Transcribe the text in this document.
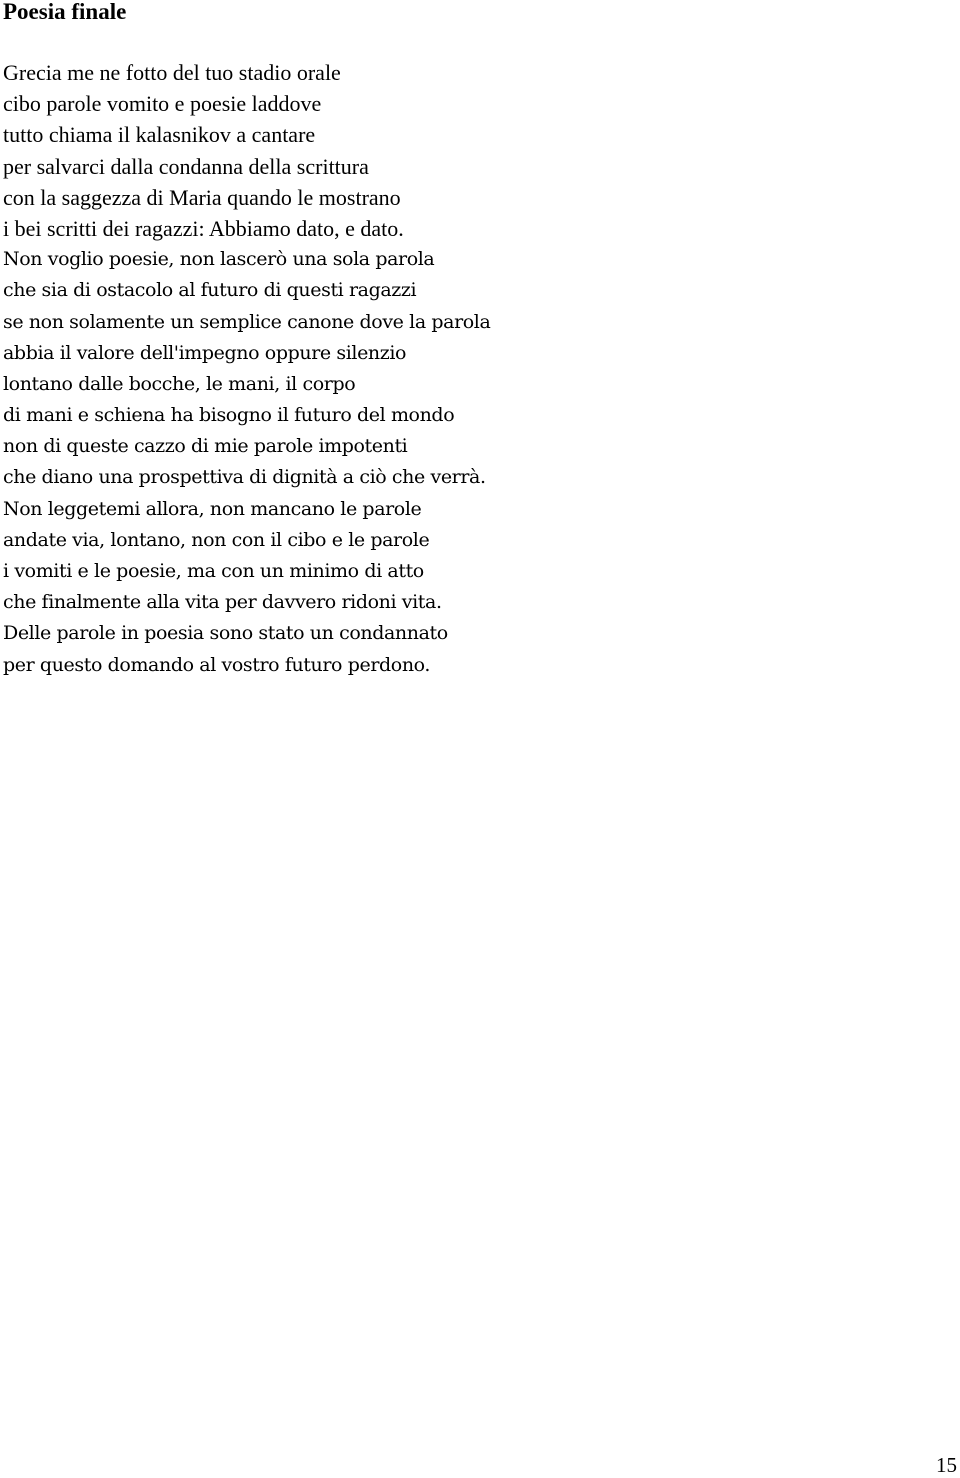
Poesia finale
Grecia me ne fotto del tuo stadio orale
cibo parole vomito e poesie laddove
tutto chiama il kalasnikov a cantare
per salvarci dalla condanna della scrittura
con la saggezza di Maria quando le mostrano
i bei scritti dei ragazzi: Abbiamo dato, e dato.
Non voglio poesie, non lascerò una sola parola
che sia di ostacolo al futuro di questi ragazzi
se non solamente un semplice canone dove la parola
abbia il valore dell'impegno oppure silenzio
lontano dalle bocche, le mani, il corpo
di mani e schiena ha bisogno il futuro del mondo
non di queste cazzo di mie parole impotenti
che diano una prospettiva di dignità a ciò che verrà.
Non leggetemi allora, non mancano le parole
andate via, lontano, non con il cibo e le parole
i vomiti e le poesie, ma con un minimo di atto
che finalmente alla vita per davvero ridoni vita.
Delle parole in poesia sono stato un condannato
per questo domando al vostro futuro perdono.
15
